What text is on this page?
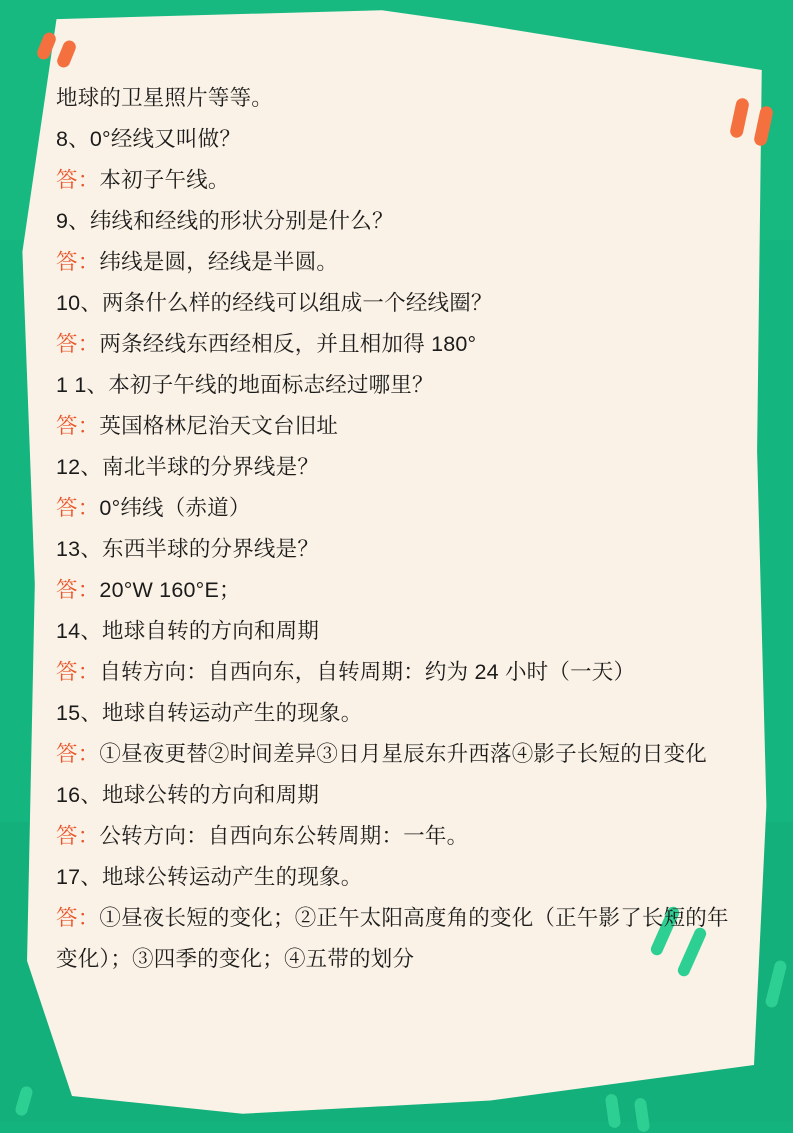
地球的卫星照片等等。
8、0°经线又叫做？
答：本初子午线。
9、纬线和经线的形状分别是什么？
答：纬线是圆，经线是半圆。
10、两条什么样的经线可以组成一个经线圈？
答：两条经线东西经相反，并且相加得 180°
1 1、本初子午线的地面标志经过哪里？
答：英国格林尼治天文台旧址
12、南北半球的分界线是？
答：0°纬线（赤道）
13、东西半球的分界线是？
答：20°W 160°E；
14、地球自转的方向和周期
答：自转方向：自西向东，自转周期：约为 24 小时（一天）
15、地球自转运动产生的现象。
答：①昼夜更替②时间差异③日月星辰东升西落④影子长短的日变化
16、地球公转的方向和周期
答：公转方向：自西向东公转周期：一年。
17、地球公转运动产生的现象。
答：①昼夜长短的变化；②正午太阳高度角的变化（正午影了长短的年变化）；③四季的变化；④五带的划分
